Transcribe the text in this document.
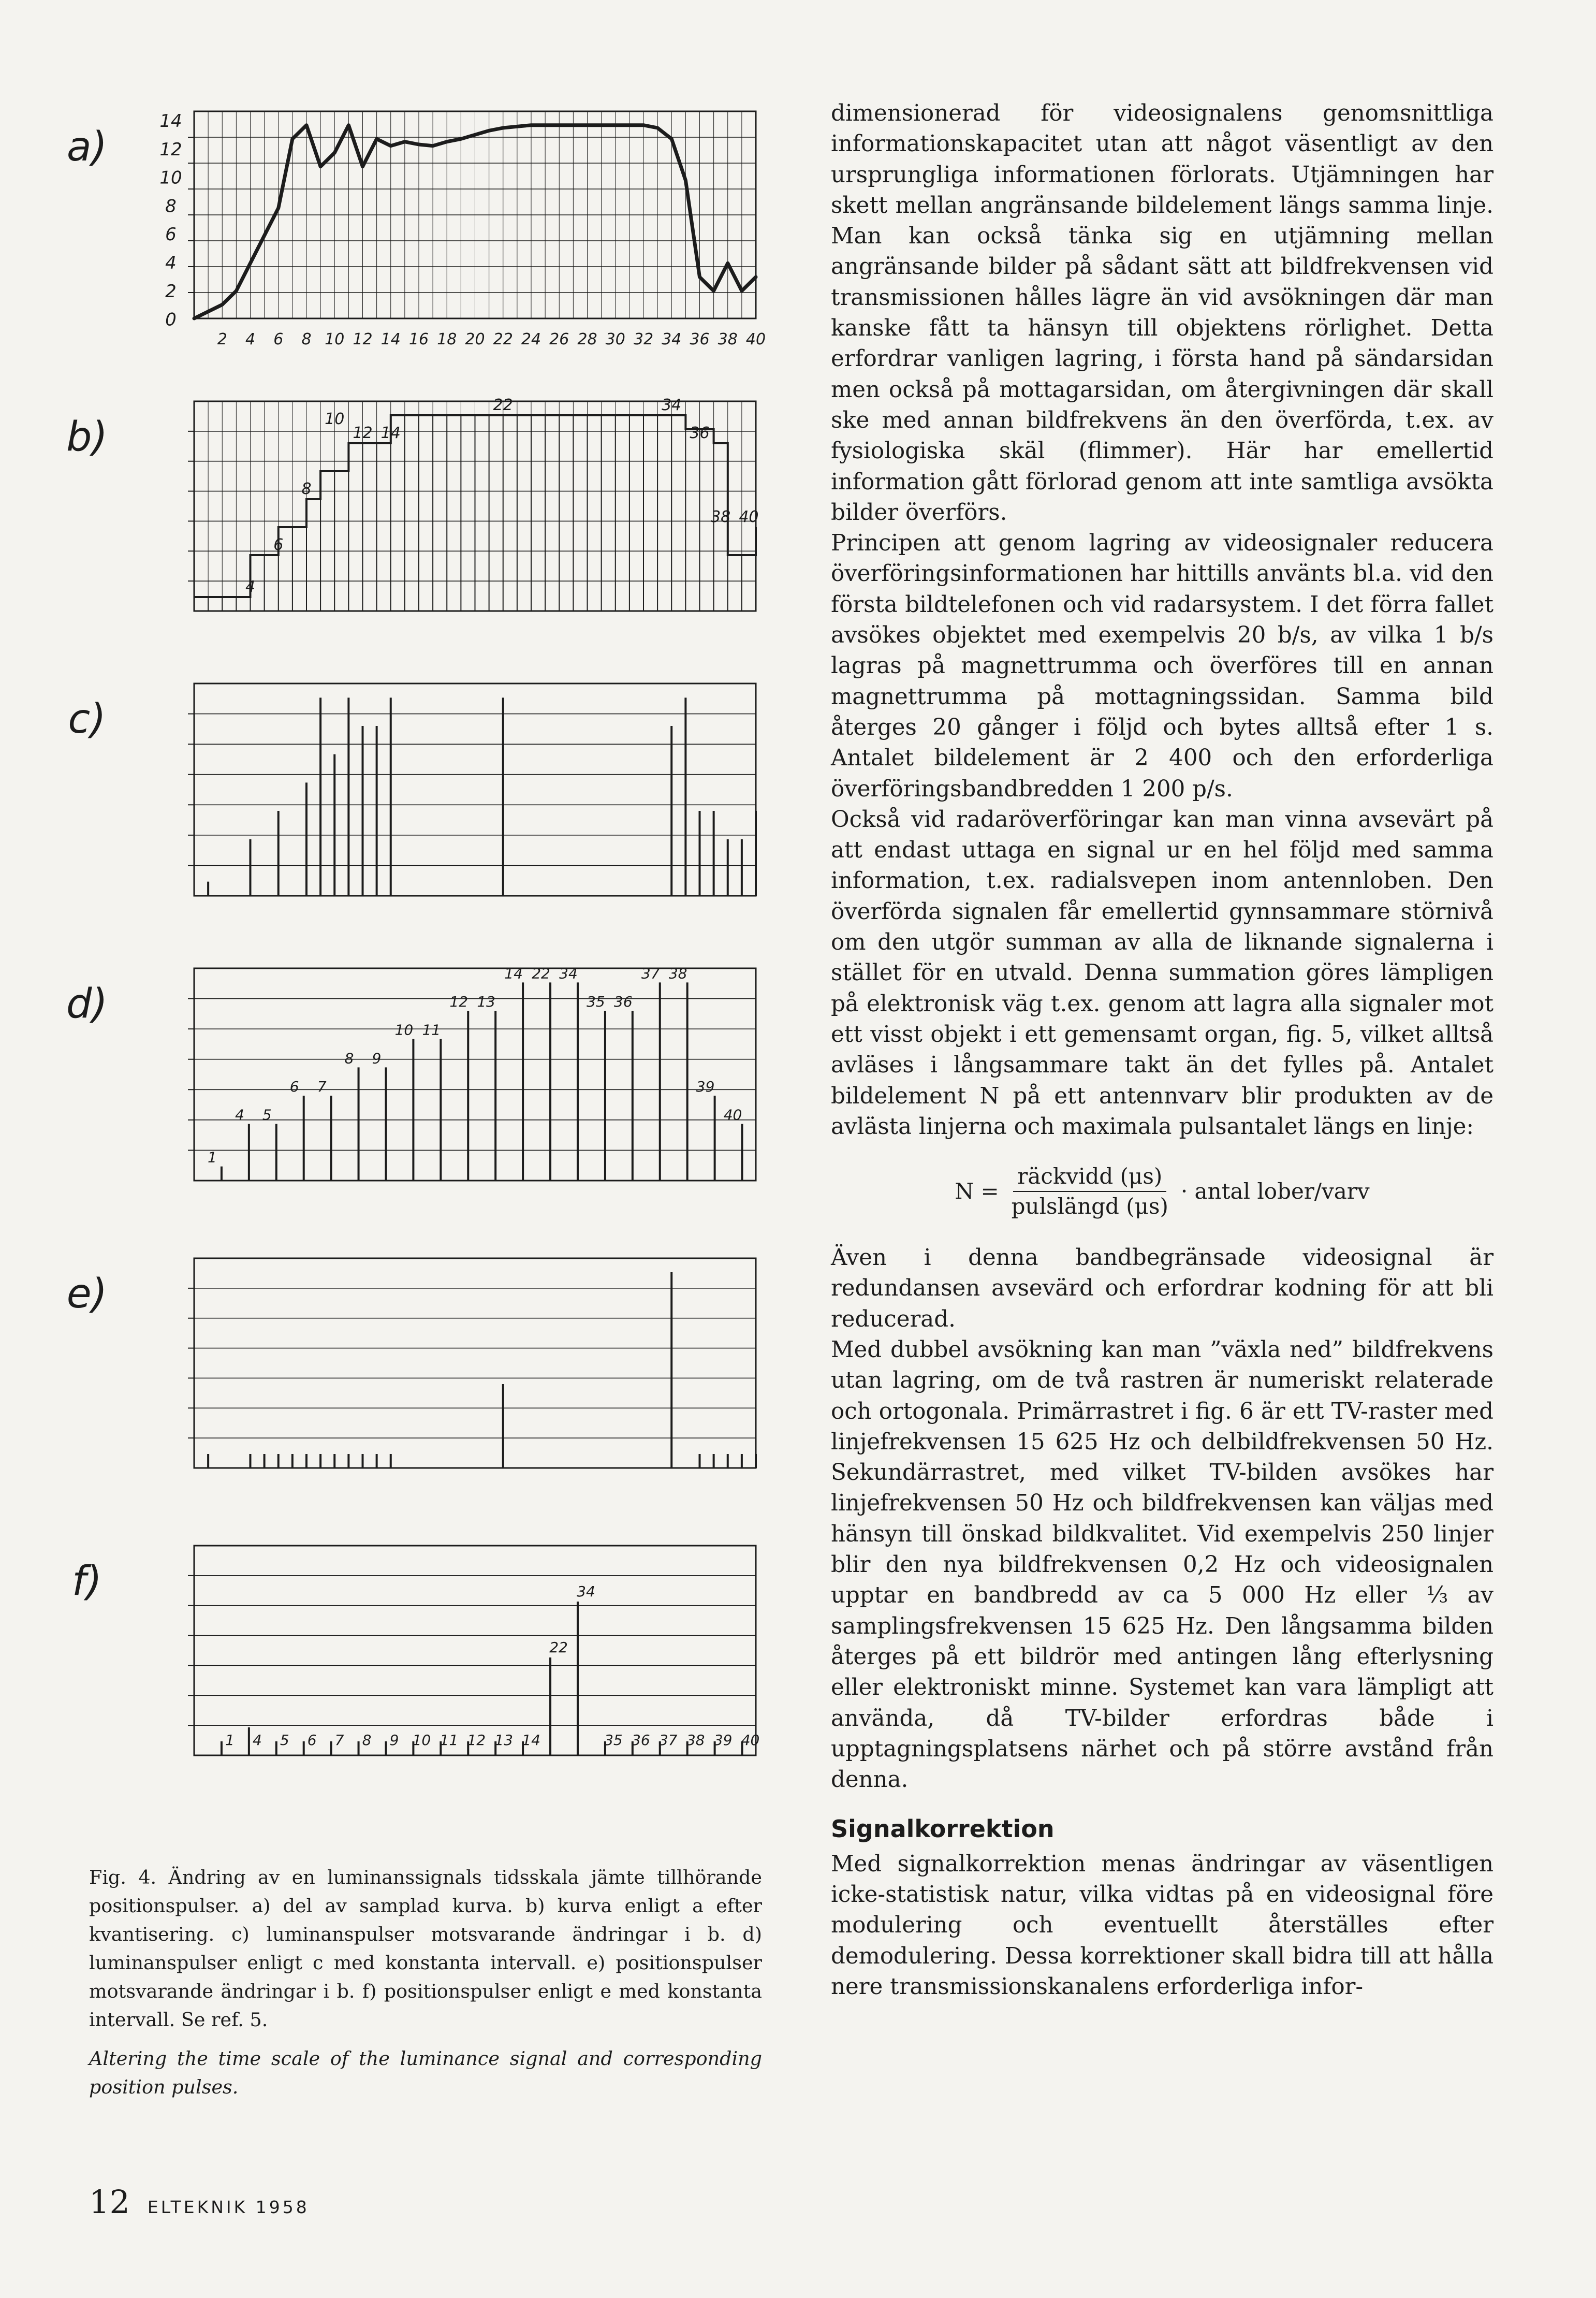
a)
14
12
10
8
6
4
2
0
2 4 6 8 10 12 14 16 18 20 22 24 26 28 30 32 34 36 38 40
b)
4
6
8
10
12 14
22	34
36
38 40
c)
d)
1
4 5
6 7
8 9
10 11
12 13
14 22 34
35 36
37 38
39
40
e)
f)
1 4 5 6 7 8 9 10 11 12 13 14
22
34
35 36 37 38 39 40

Fig. 4. Ändring av en luminanssignals tidsskala jämte tillhörande positionspulser. a) del av samplad kurva. b) kurva enligt a efter kvantisering. c) luminanspulser motsvarande ändringar i b. d) luminanspulser enligt c med konstanta intervall. e) positionspulser motsvarande ändringar i b. f) positionspulser enligt e med konstanta intervall. Se ref. 5.

Altering the time scale of the luminance signal and corresponding position pulses.

12 ELTEKNIK 1958

dimensionerad för videosignalens genomsnittliga informationskapacitet utan att något väsentligt av den ursprungliga informationen förlorats. Utjämningen har skett mellan angränsande bildelement längs samma linje. Man kan också tänka sig en utjämning mellan angränsande bilder på sådant sätt att bildfrekvensen vid transmissionen hålles lägre än vid avsökningen där man kanske fått ta hänsyn till objektens rörlighet. Detta erfordrar vanligen lagring, i första hand på sändarsidan men också på mottagarsidan, om återgivningen där skall ske med annan bildfrekvens än den överförda, t.ex. av fysiologiska skäl (flimmer). Här har emellertid information gått förlorad genom att inte samtliga avsökta bilder överförs.

Principen att genom lagring av videosignaler reducera överföringsinformationen har hittills använts bl.a. vid den första bildtelefonen och vid radarsystem. I det förra fallet avsökes objektet med exempelvis 20 b/s, av vilka 1 b/s lagras på magnettrumma och överföres till en annan magnettrumma på mottagningssidan. Samma bild återges 20 gånger i följd och bytes alltså efter 1 s. Antalet bildelement är 2 400 och den erforderliga överföringsbandbredden 1 200 p/s.

Också vid radaröverföringar kan man vinna avsevärt på att endast uttaga en signal ur en hel följd med samma information, t.ex. radialsvepen inom antennloben. Den överförda signalen får emellertid gynnsammare störnivå om den utgör summan av alla de liknande signalerna i stället för en utvald. Denna summation göres lämpligen på elektronisk väg t.ex. genom att lagra alla signaler mot ett visst objekt i ett gemensamt organ, fig. 5, vilket alltså avläses i långsammare takt än det fylles på. Antalet bildelement N på ett antennvarv blir produkten av de avlästa linjerna och maximala pulsantalet längs en linje:

$N = \frac{\text{räckvidd (μs)}}{\text{pulslängd (μs)}}$ · antal lober/varv

Även i denna bandbegränsade videosignal är redundansen avsevärd och erfordrar kodning för att bli reducerad.

Med dubbel avsökning kan man ”växla ned” bildfrekvens utan lagring, om de två rastren är numeriskt relaterade och ortogonala. Primärrastret i fig. 6 är ett TV-raster med linjefrekvensen 15 625 Hz och delbildfrekvensen 50 Hz. Sekundärrastret, med vilket TV-bilden avsökes har linjefrekvensen 50 Hz och bildfrekvensen kan väljas med hänsyn till önskad bildkvalitet. Vid exempelvis 250 linjer blir den nya bildfrekvensen 0,2 Hz och videosignalen upptar en bandbredd av ca 5 000 Hz eller ⅓ av samplingsfrekvensen 15 625 Hz. Den långsamma bilden återges på ett bildrör med antingen lång efterlysning eller elektroniskt minne. Systemet kan vara lämpligt att använda, då TV-bilder erfordras både i upptagningsplatsens närhet och på större avstånd från denna.

Signalkorrektion

Med signalkorrektion menas ändringar av väsentligen icke-statistisk natur, vilka vidtas på en videosignal före modulering och eventuellt återställes efter demodulering. Dessa korrektioner skall bidra till att hålla nere transmissionskanalens erforderliga infor-
